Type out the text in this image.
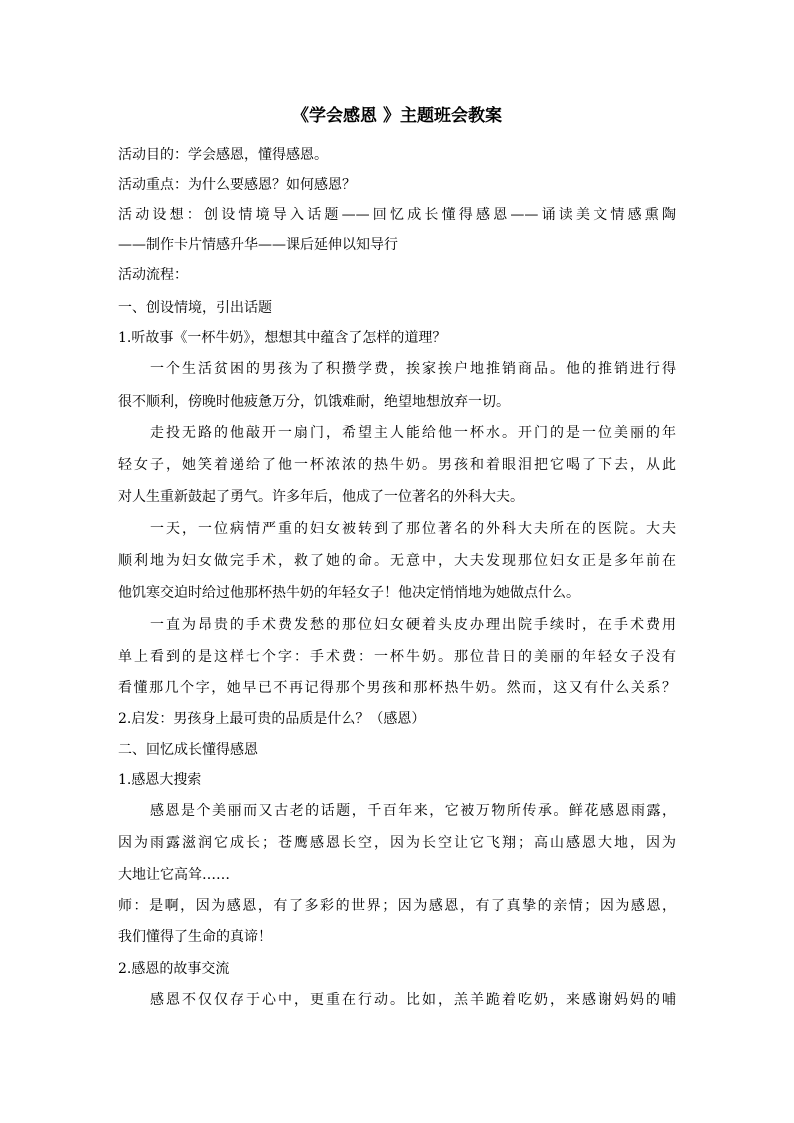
《学会感恩 》主题班会教案
活动目的：学会感恩，懂得感恩。
活动重点：为什么要感恩？如何感恩？
活动设想：创设情境导入话题——回忆成长懂得感恩——诵读美文情感熏陶
——制作卡片情感升华——课后延伸以知导行
活动流程：
一、创设情境，引出话题
1.听故事《一杯牛奶》，想想其中蕴含了怎样的道理？
一个生活贫困的男孩为了积攒学费，挨家挨户地推销商品。他的推销进行得
很不顺利，傍晚时他疲惫万分，饥饿难耐，绝望地想放弃一切。
走投无路的他敲开一扇门，希望主人能给他一杯水。开门的是一位美丽的年
轻女子，她笑着递给了他一杯浓浓的热牛奶。男孩和着眼泪把它喝了下去，从此
对人生重新鼓起了勇气。许多年后，他成了一位著名的外科大夫。
一天，一位病情严重的妇女被转到了那位著名的外科大夫所在的医院。大夫
顺利地为妇女做完手术，救了她的命。无意中，大夫发现那位妇女正是多年前在
他饥寒交迫时给过他那杯热牛奶的年轻女子！他决定悄悄地为她做点什么。
一直为昂贵的手术费发愁的那位妇女硬着头皮办理出院手续时，在手术费用
单上看到的是这样七个字：手术费：一杯牛奶。那位昔日的美丽的年轻女子没有
看懂那几个字，她早已不再记得那个男孩和那杯热牛奶。然而，这又有什么关系？
2.启发：男孩身上最可贵的品质是什么？（感恩）
二、回忆成长懂得感恩
1.感恩大搜索
感恩是个美丽而又古老的话题，千百年来，它被万物所传承。鲜花感恩雨露，
因为雨露滋润它成长；苍鹰感恩长空，因为长空让它飞翔；高山感恩大地，因为
大地让它高耸……
师：是啊，因为感恩，有了多彩的世界；因为感恩，有了真挚的亲情；因为感恩，
我们懂得了生命的真谛！
2.感恩的故事交流
感恩不仅仅存于心中，更重在行动。比如，羔羊跪着吃奶，来感谢妈妈的哺
